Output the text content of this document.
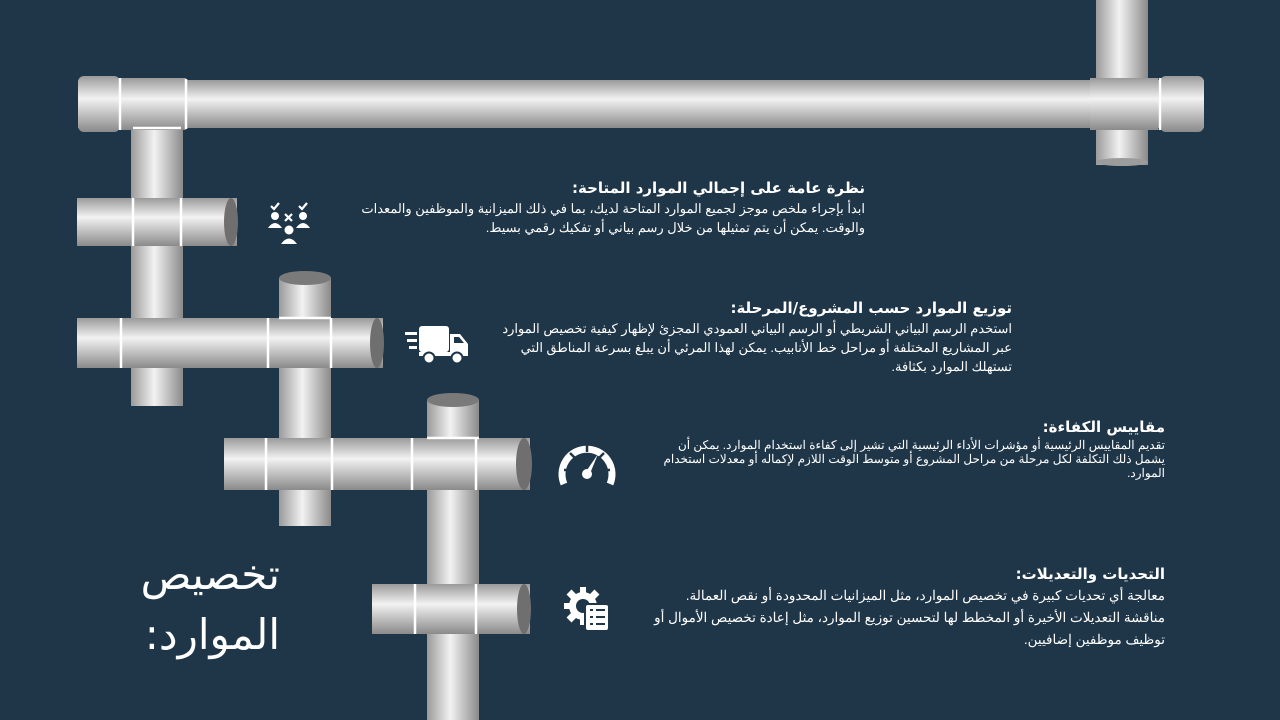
نظرة عامة على إجمالي الموارد المتاحة:

ابدأ بإجراء ملخص موجز لجميع الموارد المتاحة لديك، بما في ذلك الميزانية والموظفين والمعدات والوقت. يمكن أن يتم تمثيلها من خلال رسم بياني أو تفكيك رقمي بسيط.

توزيع الموارد حسب المشروع/المرحلة:

استخدم الرسم البياني الشريطي أو الرسم البياني العمودي المجزئ لإظهار كيفية تخصيص الموارد عبر المشاريع المختلفة أو مراحل خط الأنابيب. يمكن لهذا المرئي أن يبلغ بسرعة المناطق التي تستهلك الموارد بكثافة.

مقاييس الكفاءة:

تقديم المقاييس الرئيسية أو مؤشرات الأداء الرئيسية التي تشير إلى كفاءة استخدام الموارد. يمكن أن يشمل ذلك التكلفة لكل مرحلة من مراحل المشروع أو متوسط الوقت اللازم لإكماله أو معدلات استخدام الموارد.

التحديات والتعديلات:

معالجة أي تحديات كبيرة في تخصيص الموارد، مثل الميزانيات المحدودة أو نقص العمالة. مناقشة التعديلات الأخيرة أو المخطط لها لتحسين توزيع الموارد، مثل إعادة تخصيص الأموال أو توظيف موظفين إضافيين.

تخصيص الموارد:
